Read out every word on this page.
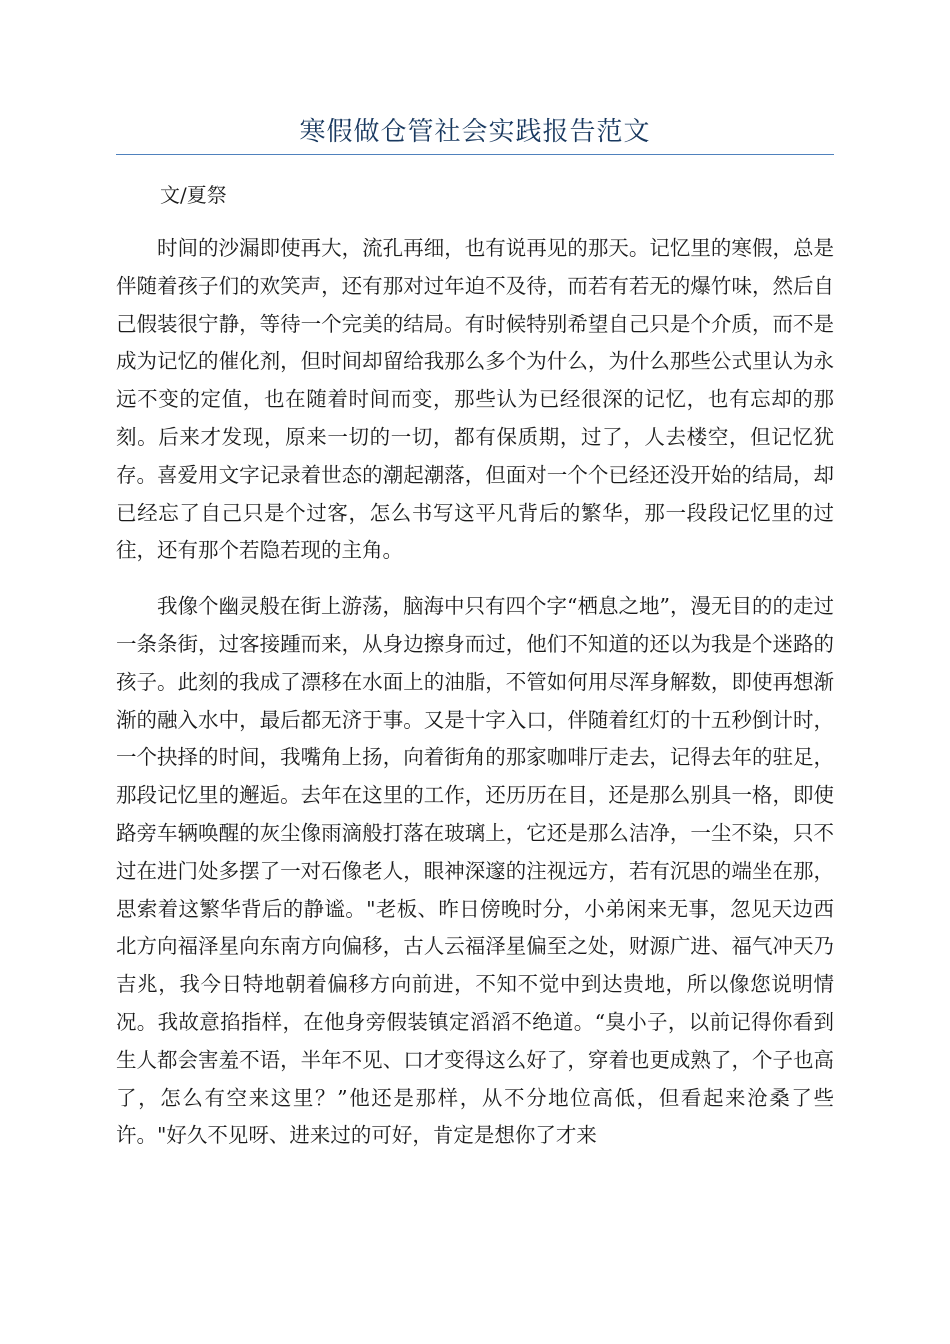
寒假做仓管社会实践报告范文
文/夏祭

时间的沙漏即使再大，流孔再细，也有说再见的那天。记忆里的寒假，总是伴随着孩子们的欢笑声，还有那对过年迫不及待，而若有若无的爆竹味，然后自己假装很宁静，等待一个完美的结局。有时候特别希望自己只是个介质，而不是成为记忆的催化剂，但时间却留给我那么多个为什么，为什么那些公式里认为永远不变的定值，也在随着时间而变，那些认为已经很深的记忆，也有忘却的那刻。后来才发现，原来一切的一切，都有保质期，过了，人去楼空，但记忆犹存。喜爱用文字记录着世态的潮起潮落，但面对一个个已经还没开始的结局，却已经忘了自己只是个过客，怎么书写这平凡背后的繁华，那一段段记忆里的过往，还有那个若隐若现的主角。

我像个幽灵般在街上游荡，脑海中只有四个字“栖息之地”，漫无目的的走过一条条街，过客接踵而来，从身边擦身而过，他们不知道的还以为我是个迷路的孩子。此刻的我成了漂移在水面上的油脂，不管如何用尽浑身解数，即使再想渐渐的融入水中，最后都无济于事。又是十字入口，伴随着红灯的十五秒倒计时，一个抉择的时间，我嘴角上扬，向着街角的那家咖啡厅走去，记得去年的驻足，那段记忆里的邂逅。去年在这里的工作，还历历在目，还是那么别具一格，即使路旁车辆唤醒的灰尘像雨滴般打落在玻璃上，它还是那么洁净，一尘不染，只不过在进门处多摆了一对石像老人，眼神深邃的注视远方，若有沉思的端坐在那，思索着这繁华背后的静谧。"老板、昨日傍晚时分，小弟闲来无事，忽见天边西北方向福泽星向东南方向偏移，古人云福泽星偏至之处，财源广进、福气冲天乃吉兆，我今日特地朝着偏移方向前进，不知不觉中到达贵地，所以像您说明情况。我故意掐指样，在他身旁假装镇定滔滔不绝道。“臭小子，以前记得你看到生人都会害羞不语，半年不见、口才变得这么好了，穿着也更成熟了，个子也高了，怎么有空来这里？”他还是那样，从不分地位高低，但看起来沧桑了些许。"好久不见呀、进来过的可好，肯定是想你了才来
